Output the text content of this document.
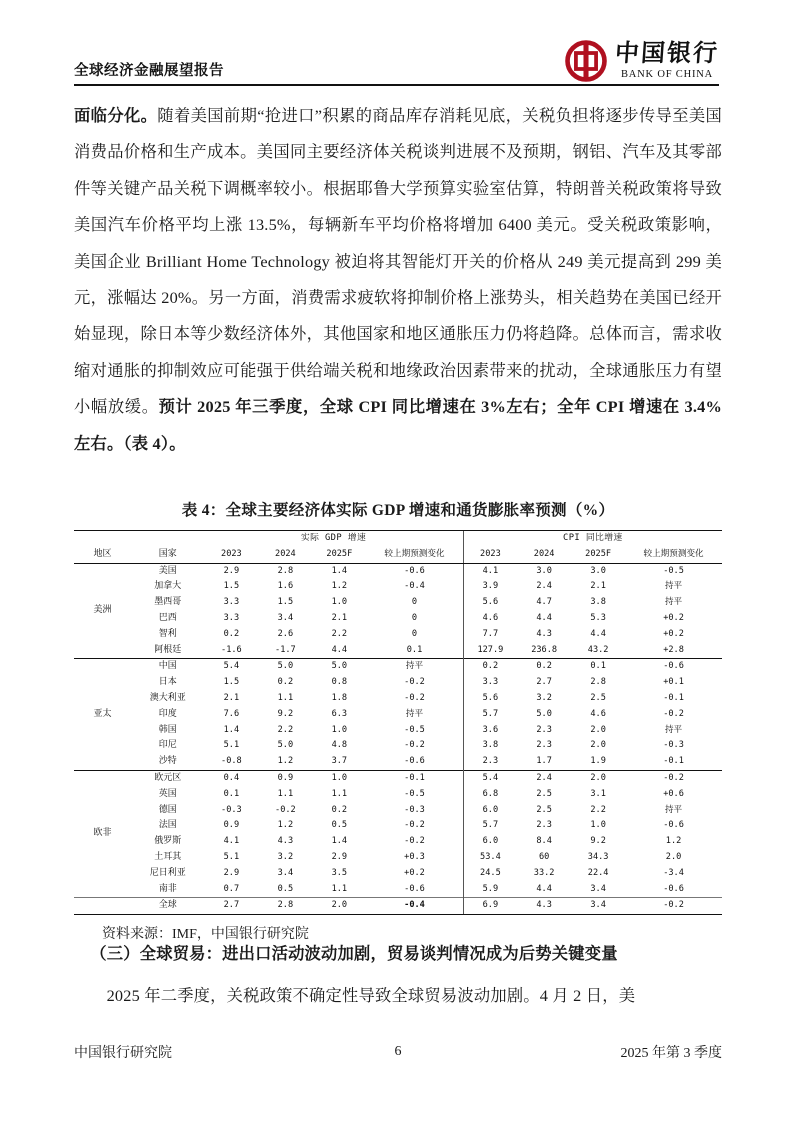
全球经济金融展望报告
中国银行
BANK OF CHINA

面临分化。随着美国前期“抢进口”积累的商品库存消耗见底，关税负担将逐步传导至美国消费品价格和生产成本。美国同主要经济体关税谈判进展不及预期，钢铝、汽车及其零部件等关键产品关税下调概率较小。根据耶鲁大学预算实验室估算，特朗普关税政策将导致美国汽车价格平均上涨 13.5%，每辆新车平均价格将增加 6400 美元。受关税政策影响，美国企业 Brilliant Home Technology 被迫将其智能灯开关的价格从 249 美元提高到 299 美元，涨幅达 20%。另一方面，消费需求疲软将抑制价格上涨势头，相关趋势在美国已经开始显现，除日本等少数经济体外，其他国家和地区通胀压力仍将趋降。总体而言，需求收缩对通胀的抑制效应可能强于供给端关税和地缘政治因素带来的扰动，全球通胀压力有望小幅放缓。预计 2025 年三季度，全球 CPI 同比增速在 3%左右；全年 CPI 增速在 3.4%左右。（表 4）。

表 4：全球主要经济体实际 GDP 增速和通货膨胀率预测（%）
		实际 GDP 增速				CPI 同比增速			
地区	国家	2023	2024	2025F	较上期预测变化	2023	2024	2025F	较上期预测变化
美洲	美国	2.9	2.8	1.4	-0.6	4.1	3.0	3.0	-0.5
	加拿大	1.5	1.6	1.2	-0.4	3.9	2.4	2.1	持平
	墨西哥	3.3	1.5	1.0	0	5.6	4.7	3.8	持平
	巴西	3.3	3.4	2.1	0	4.6	4.4	5.3	+0.2
	智利	0.2	2.6	2.2	0	7.7	4.3	4.4	+0.2
	阿根廷	-1.6	-1.7	4.4	0.1	127.9	236.8	43.2	+2.8
亚太	中国	5.4	5.0	5.0	持平	0.2	0.2	0.1	-0.6
	日本	1.5	0.2	0.8	-0.2	3.3	2.7	2.8	+0.1
	澳大利亚	2.1	1.1	1.8	-0.2	5.6	3.2	2.5	-0.1
	印度	7.6	9.2	6.3	持平	5.7	5.0	4.6	-0.2
	韩国	1.4	2.2	1.0	-0.5	3.6	2.3	2.0	持平
	印尼	5.1	5.0	4.8	-0.2	3.8	2.3	2.0	-0.3
	沙特	-0.8	1.2	3.7	-0.6	2.3	1.7	1.9	-0.1
欧非	欧元区	0.4	0.9	1.0	-0.1	5.4	2.4	2.0	-0.2
	英国	0.1	1.1	1.1	-0.5	6.8	2.5	3.1	+0.6
	德国	-0.3	-0.2	0.2	-0.3	6.0	2.5	2.2	持平
	法国	0.9	1.2	0.5	-0.2	5.7	2.3	1.0	-0.6
	俄罗斯	4.1	4.3	1.4	-0.2	6.0	8.4	9.2	1.2
	土耳其	5.1	3.2	2.9	+0.3	53.4	60	34.3	2.0
	尼日利亚	2.9	3.4	3.5	+0.2	24.5	33.2	22.4	-3.4
	南非	0.7	0.5	1.1	-0.6	5.9	4.4	3.4	-0.6
	全球	2.7	2.8	2.0	-0.4	6.9	4.3	3.4	-0.2
资料来源：IMF，中国银行研究院

（三）全球贸易：进出口活动波动加剧，贸易谈判情况成为后势关键变量

2025 年二季度，关税政策不确定性导致全球贸易波动加剧。4 月 2 日，美

中国银行研究院	6	2025 年第 3 季度
